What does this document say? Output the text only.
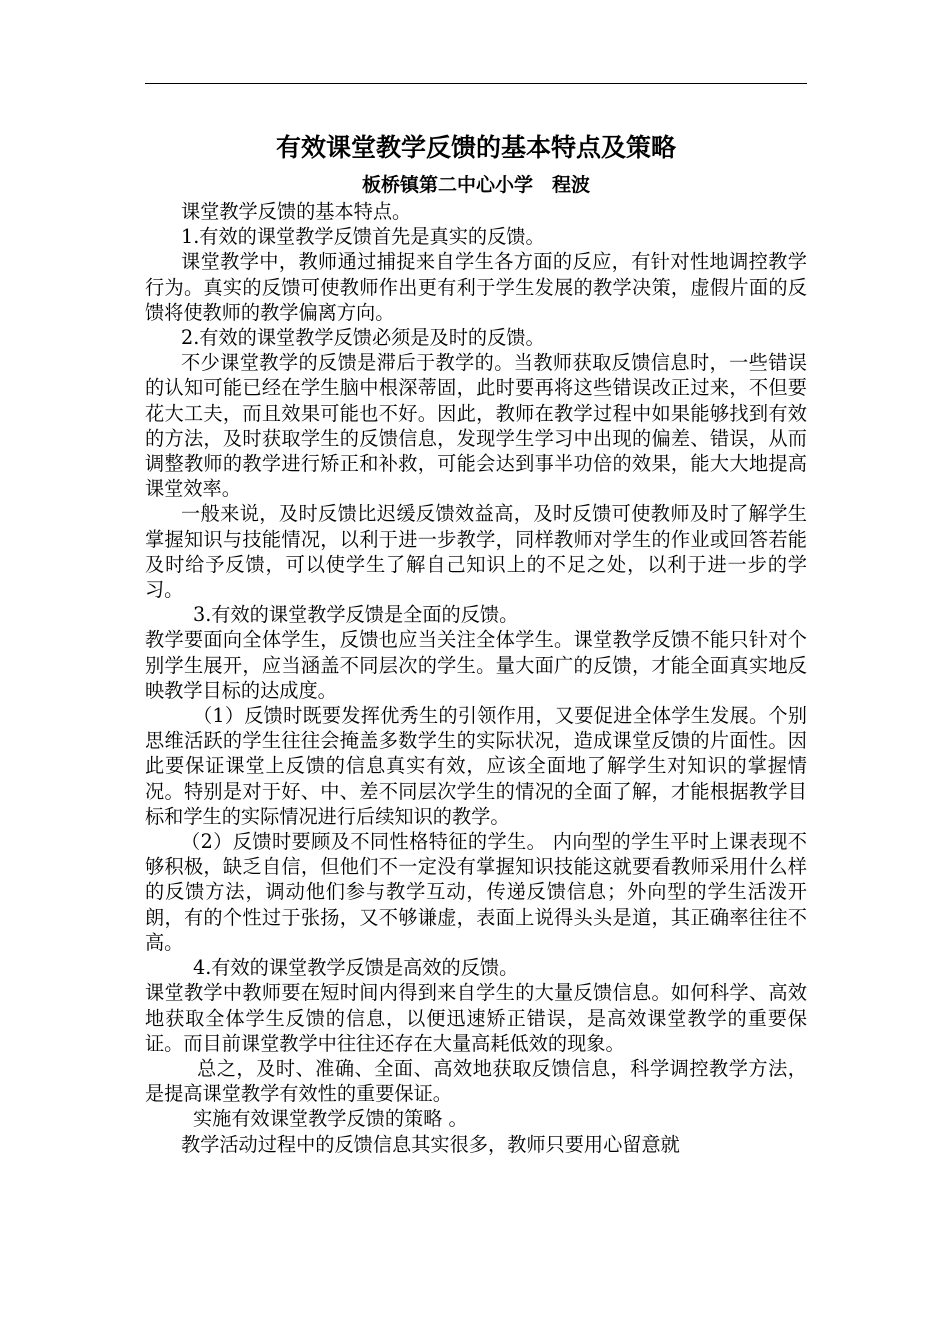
有效课堂教学反馈的基本特点及策略
板桥镇第二中心小学　程波

课堂教学反馈的基本特点。

1.有效的课堂教学反馈首先是真实的反馈。

课堂教学中，教师通过捕捉来自学生各方面的反应，有针对性地调控教学行为。真实的反馈可使教师作出更有利于学生发展的教学决策，虚假片面的反馈将使教师的教学偏离方向。

2.有效的课堂教学反馈必须是及时的反馈。

不少课堂教学的反馈是滞后于教学的。当教师获取反馈信息时，一些错误的认知可能已经在学生脑中根深蒂固，此时要再将这些错误改正过来，不但要花大工夫，而且效果可能也不好。因此，教师在教学过程中如果能够找到有效的方法，及时获取学生的反馈信息，发现学生学习中出现的偏差、错误，从而调整教师的教学进行矫正和补救，可能会达到事半功倍的效果，能大大地提高课堂效率。

一般来说，及时反馈比迟缓反馈效益高，及时反馈可使教师及时了解学生掌握知识与技能情况，以利于进一步教学，同样教师对学生的作业或回答若能及时给予反馈，可以使学生了解自己知识上的不足之处，以利于进一步的学习。

3.有效的课堂教学反馈是全面的反馈。

教学要面向全体学生，反馈也应当关注全体学生。课堂教学反馈不能只针对个别学生展开，应当涵盖不同层次的学生。量大面广的反馈，才能全面真实地反映教学目标的达成度。

（1）反馈时既要发挥优秀生的引领作用，又要促进全体学生发展。个别思维活跃的学生往往会掩盖多数学生的实际状况，造成课堂反馈的片面性。因此要保证课堂上反馈的信息真实有效，应该全面地了解学生对知识的掌握情况。特别是对于好、中、差不同层次学生的情况的全面了解，才能根据教学目标和学生的实际情况进行后续知识的教学。

（2）反馈时要顾及不同性格特征的学生。 内向型的学生平时上课表现不够积极，缺乏自信，但他们不一定没有掌握知识技能这就要看教师采用什么样的反馈方法，调动他们参与教学互动，传递反馈信息；外向型的学生活泼开朗，有的个性过于张扬，又不够谦虚，表面上说得头头是道，其正确率往往不高。

4.有效的课堂教学反馈是高效的反馈。

课堂教学中教师要在短时间内得到来自学生的大量反馈信息。如何科学、高效地获取全体学生反馈的信息，以便迅速矫正错误，是高效课堂教学的重要保证。而目前课堂教学中往往还存在大量高耗低效的现象。

总之，及时、准确、全面、高效地获取反馈信息，科学调控教学方法，是提高课堂教学有效性的重要保证。

实施有效课堂教学反馈的策略 。

教学活动过程中的反馈信息其实很多，教师只要用心留意就
